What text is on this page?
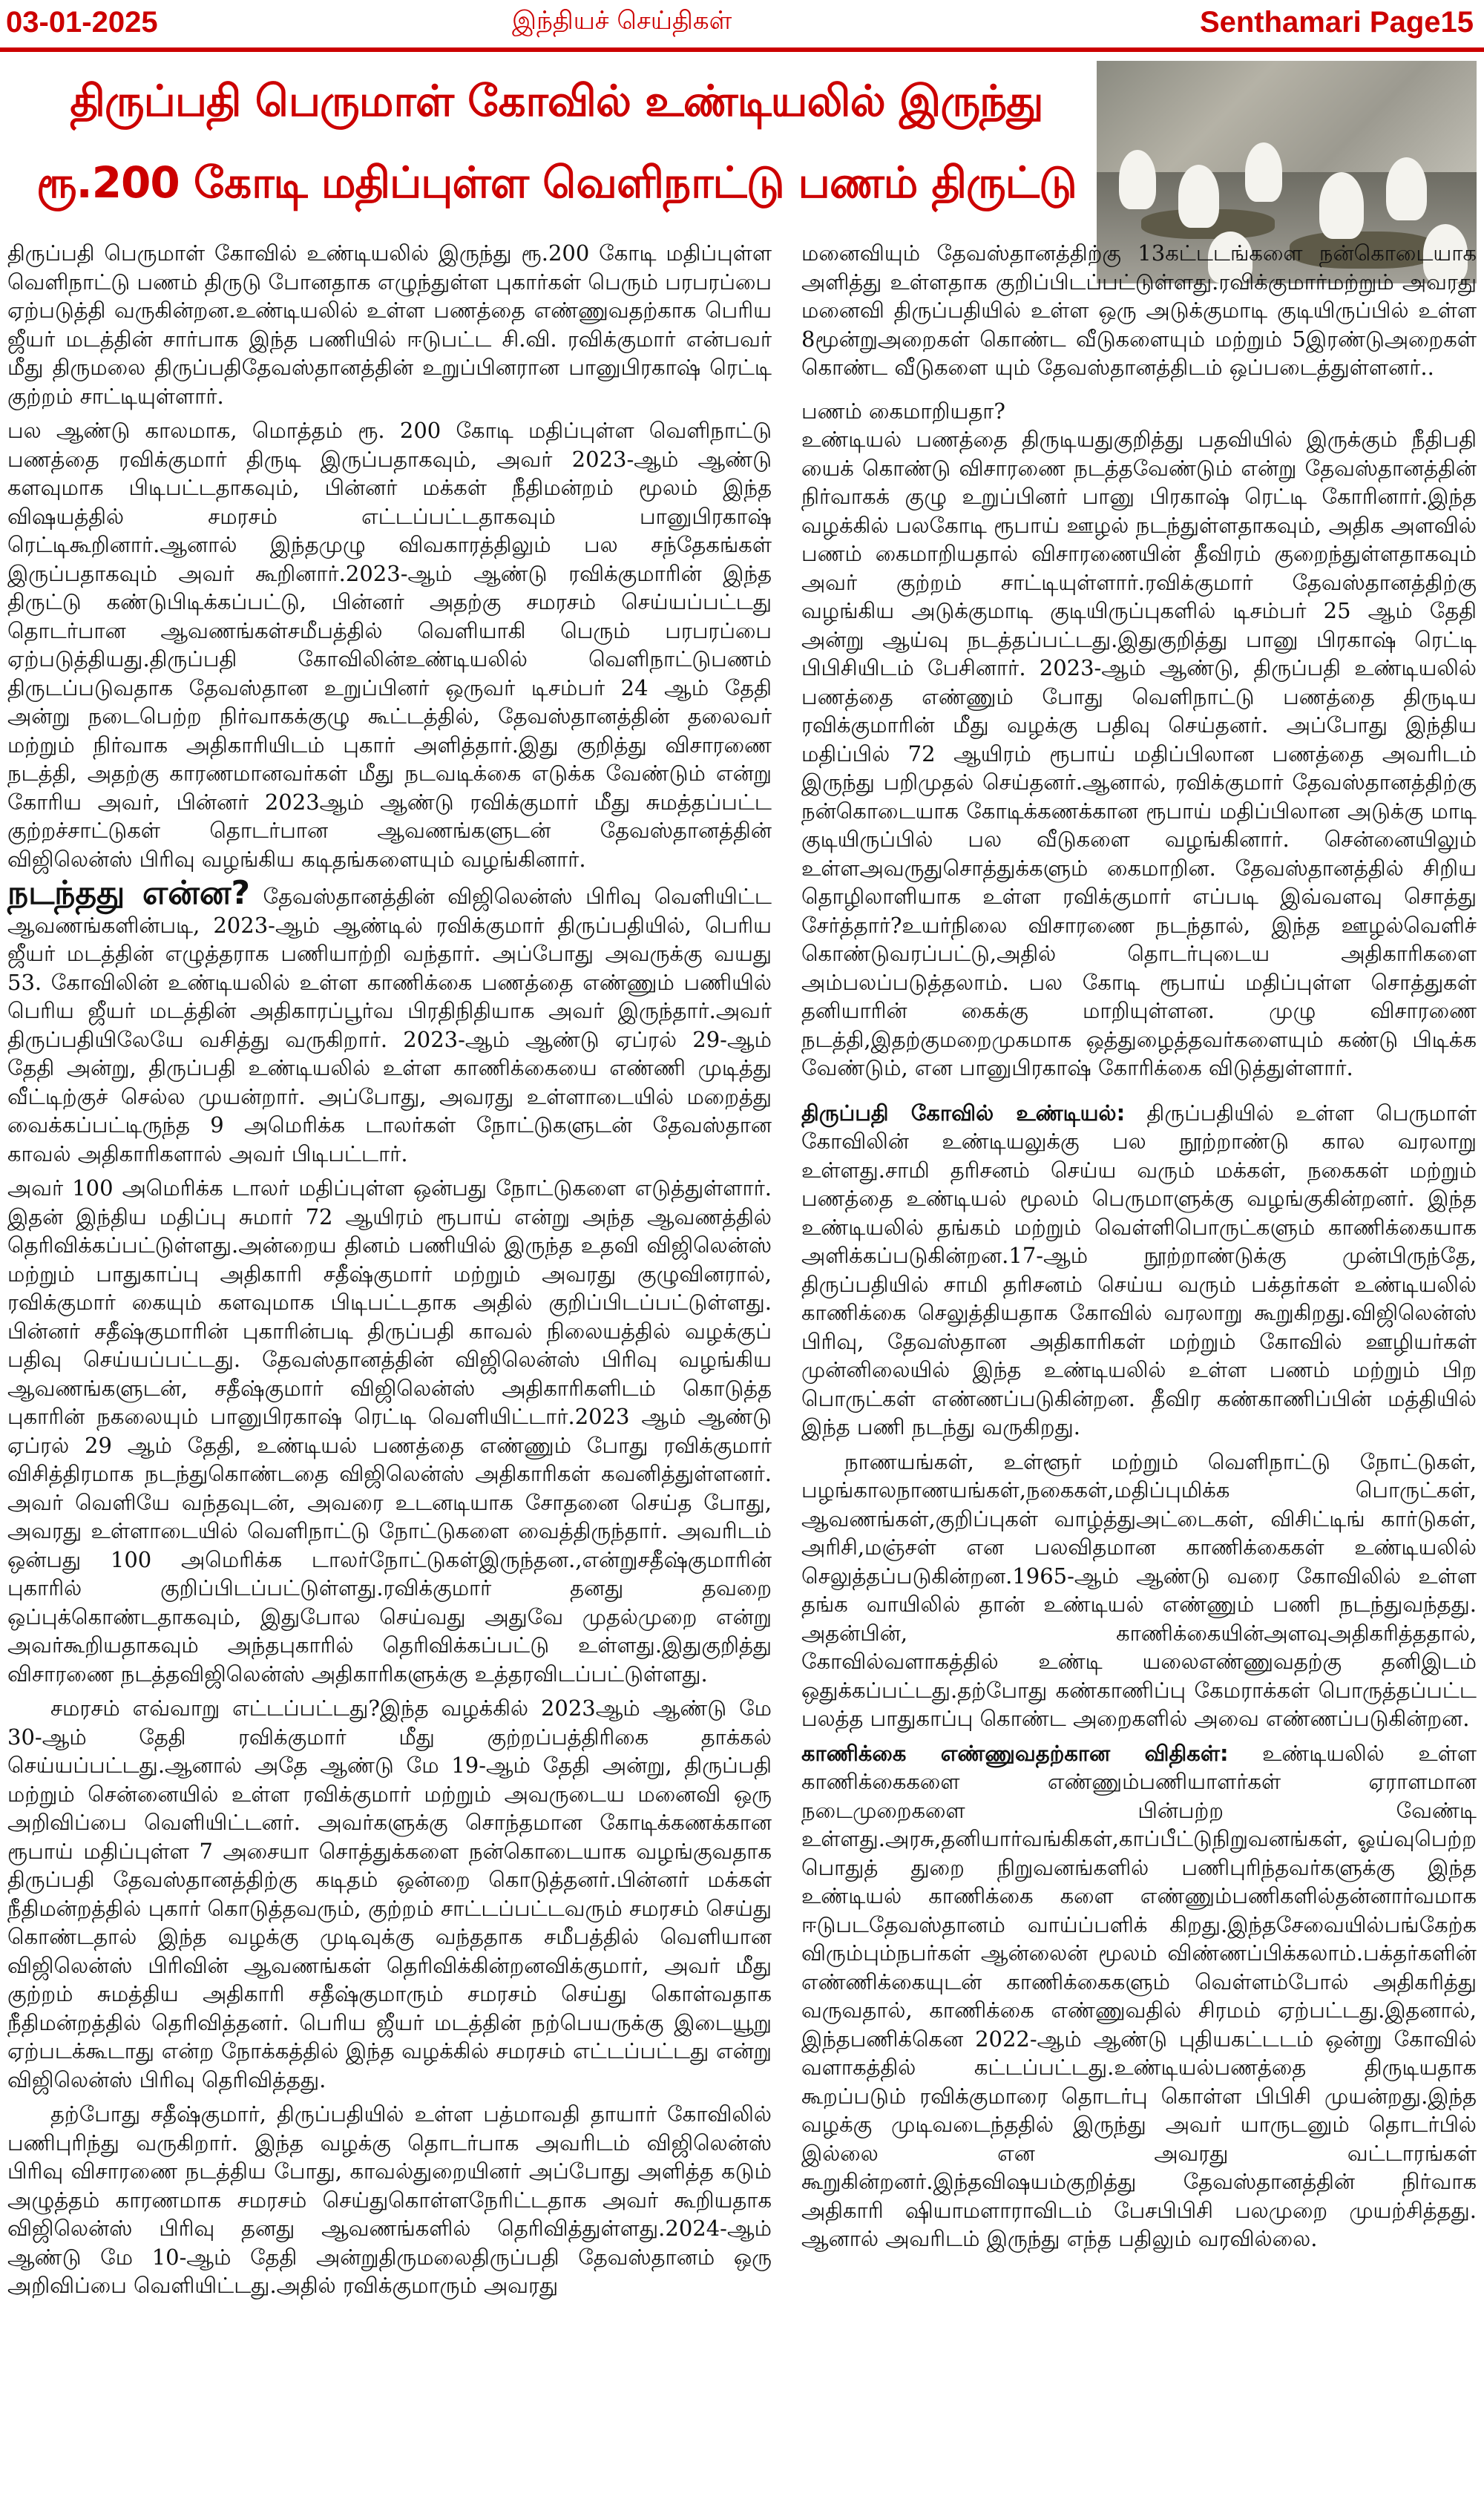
03-01-2025	இந்தியச் செய்திகள்	Senthamari Page15
திருப்பதி பெருமாள் கோவில் உண்டியலில் இருந்து
ரூ.200 கோடி மதிப்புள்ள வெளிநாட்டு பணம் திருட்டு

திருப்பதி பெருமாள் கோவில் உண்டியலில் இருந்து ரூ.200 கோடி மதிப்புள்ள வெளிநாட்டு பணம் திருடு போனதாக எழுந்துள்ள புகார்கள் பெரும் பரபரப்பை ஏற்படுத்தி வருகின்றன.உண்டியலில் உள்ள பணத்தை எண்ணுவதற்காக பெரிய ஜீயர் மடத்தின் சார்பாக இந்த பணியில் ஈடுபட்ட சி.வி. ரவிக்குமார் என்பவர் மீது திருமலை திருப்பதிதேவஸ்தானத்தின் உறுப்பினரான பானுபிரகாஷ் ரெட்டி குற்றம் சாட்டியுள்ளார்.

பல ஆண்டு காலமாக, மொத்தம் ரூ. 200 கோடி மதிப்புள்ள வெளிநாட்டு பணத்தை ரவிக்குமார் திருடி இருப்பதாகவும், அவர் 2023-ஆம் ஆண்டு களவுமாக பிடிபட்டதாகவும், பின்னர் மக்கள் நீதிமன்றம் மூலம் இந்த விஷயத்தில் சமரசம் எட்டப்பட்டதாகவும் பானுபிரகாஷ் ரெட்டிகூறினார்.ஆனால் இந்தமுழு விவகாரத்திலும் பல சந்தேகங்கள் இருப்பதாகவும் அவர் கூறினார்.2023-ஆம் ஆண்டு ரவிக்குமாரின் இந்த திருட்டு கண்டுபிடிக்கப்பட்டு, பின்னர் அதற்கு சமரசம் செய்யப்பட்டது தொடர்பான ஆவணங்கள்சமீபத்தில் வெளியாகி பெரும் பரபரப்பை ஏற்படுத்தியது.திருப்பதி கோவிலின்உண்டியலில் வெளிநாட்டுபணம் திருடப்படுவதாக தேவஸ்தான உறுப்பினர் ஒருவர் டிசம்பர் 24 ஆம் தேதி அன்று நடைபெற்ற நிர்வாகக்குழு கூட்டத்தில், தேவஸ்தானத்தின் தலைவர் மற்றும் நிர்வாக அதிகாரியிடம் புகார் அளித்தார்.இது குறித்து விசாரணை நடத்தி, அதற்கு காரணமானவர்கள் மீது நடவடிக்கை எடுக்க வேண்டும் என்று கோரிய அவர், பின்னர் 2023ஆம் ஆண்டு ரவிக்குமார் மீது சுமத்தப்பட்ட குற்றச்சாட்டுகள் தொடர்பான ஆவணங்களுடன் தேவஸ்தானத்தின் விஜிலென்ஸ் பிரிவு வழங்கிய கடிதங்களையும் வழங்கினார்.

நடந்தது என்ன? தேவஸ்தானத்தின் விஜிலென்ஸ் பிரிவு வெளியிட்ட ஆவணங்களின்படி, 2023-ஆம் ஆண்டில் ரவிக்குமார் திருப்பதியில், பெரிய ஜீயர் மடத்தின் எழுத்தராக பணியாற்றி வந்தார். அப்போது அவருக்கு வயது 53. கோவிலின் உண்டியலில் உள்ள காணிக்கை பணத்தை எண்ணும் பணியில் பெரிய ஜீயர் மடத்தின் அதிகாரப்பூர்வ பிரதிநிதியாக அவர் இருந்தார்.அவர் திருப்பதியிலேயே வசித்து வருகிறார். 2023-ஆம் ஆண்டு ஏப்ரல் 29-ஆம் தேதி அன்று, திருப்பதி உண்டியலில் உள்ள காணிக்கையை எண்ணி முடித்து வீட்டிற்குச் செல்ல முயன்றார். அப்போது, அவரது உள்ளாடையில் மறைத்து வைக்கப்பட்டிருந்த 9 அமெரிக்க டாலர்கள் நோட்டுகளுடன் தேவஸ்தான காவல் அதிகாரிகளால் அவர் பிடிபட்டார்.

அவர் 100 அமெரிக்க டாலர் மதிப்புள்ள ஒன்பது நோட்டுகளை எடுத்துள்ளார். இதன் இந்திய மதிப்பு சுமார் 72 ஆயிரம் ரூபாய் என்று அந்த ஆவணத்தில் தெரிவிக்கப்பட்டுள்ளது.அன்றைய தினம் பணியில் இருந்த உதவி விஜிலென்ஸ் மற்றும் பாதுகாப்பு அதிகாரி சதீஷ்குமார் மற்றும் அவரது குழுவினரால், ரவிக்குமார் கையும் களவுமாக பிடிபட்டதாக அதில் குறிப்பிடப்பட்டுள்ளது. பின்னர் சதீஷ்குமாரின் புகாரின்படி திருப்பதி காவல் நிலையத்தில் வழக்குப் பதிவு செய்யப்பட்டது. தேவஸ்தானத்தின் விஜிலென்ஸ் பிரிவு வழங்கிய ஆவணங்களுடன், சதீஷ்குமார் விஜிலென்ஸ் அதிகாரிகளிடம் கொடுத்த புகாரின் நகலையும் பானுபிரகாஷ் ரெட்டி வெளியிட்டார்.2023 ஆம் ஆண்டு ஏப்ரல் 29 ஆம் தேதி, உண்டியல் பணத்தை எண்ணும் போது ரவிக்குமார் விசித்திரமாக நடந்துகொண்டதை விஜிலென்ஸ் அதிகாரிகள் கவனித்துள்ளனர். அவர் வெளியே வந்தவுடன், அவரை உடனடியாக சோதனை செய்த போது, அவரது உள்ளாடையில் வெளிநாட்டு நோட்டுகளை வைத்திருந்தார். அவரிடம் ஒன்பது 100 அமெரிக்க டாலர்நோட்டுகள்இருந்தன.,என்றுசதீஷ்குமாரின் புகாரில் குறிப்பிடப்பட்டுள்ளது.ரவிக்குமார் தனது தவறை ஒப்புக்கொண்டதாகவும், இதுபோல செய்வது அதுவே முதல்முறை என்று அவர்கூறியதாகவும் அந்தபுகாரில் தெரிவிக்கப்பட்டு உள்ளது.இதுகுறித்து விசாரணை நடத்தவிஜிலென்ஸ் அதிகாரிகளுக்கு உத்தரவிடப்பட்டுள்ளது.

சமரசம் எவ்வாறு எட்டப்பட்டது?இந்த வழக்கில் 2023ஆம் ஆண்டு மே 30-ஆம் தேதி ரவிக்குமார் மீது குற்றப்பத்திரிகை தாக்கல் செய்யப்பட்டது.ஆனால் அதே ஆண்டு மே 19-ஆம் தேதி அன்று, திருப்பதி மற்றும் சென்னையில் உள்ள ரவிக்குமார் மற்றும் அவருடைய மனைவி ஒரு அறிவிப்பை வெளியிட்டனர். அவர்களுக்கு சொந்தமான கோடிக்கணக்கான ரூபாய் மதிப்புள்ள 7 அசையா சொத்துக்களை நன்கொடையாக வழங்குவதாக திருப்பதி தேவஸ்தானத்திற்கு கடிதம் ஒன்றை கொடுத்தனர்.பின்னர் மக்கள் நீதிமன்றத்தில் புகார் கொடுத்தவரும், குற்றம் சாட்டப்பட்டவரும் சமரசம் செய்து கொண்டதால் இந்த வழக்கு முடிவுக்கு வந்ததாக சமீபத்தில் வெளியான விஜிலென்ஸ் பிரிவின் ஆவணங்கள் தெரிவிக்கின்றனவிக்குமார், அவர் மீது குற்றம் சுமத்திய அதிகாரி சதீஷ்குமாரும் சமரசம் செய்து கொள்வதாக நீதிமன்றத்தில் தெரிவித்தனர். பெரிய ஜீயர் மடத்தின் நற்பெயருக்கு இடையூறு ஏற்படக்கூடாது என்ற நோக்கத்தில் இந்த வழக்கில் சமரசம் எட்டப்பட்டது என்று விஜிலென்ஸ் பிரிவு தெரிவித்தது.

தற்போது சதீஷ்குமார், திருப்பதியில் உள்ள பத்மாவதி தாயார் கோவிலில் பணிபுரிந்து வருகிறார். இந்த வழக்கு தொடர்பாக அவரிடம் விஜிலென்ஸ் பிரிவு விசாரணை நடத்திய போது, காவல்துறையினர் அப்போது அளித்த கடும் அழுத்தம் காரணமாக சமரசம் செய்துகொள்ளநேரிட்டதாக அவர் கூறியதாக விஜிலென்ஸ் பிரிவு தனது ஆவணங்களில் தெரிவித்துள்ளது.2024-ஆம் ஆண்டு மே 10-ஆம் தேதி அன்றுதிருமலைதிருப்பதி தேவஸ்தானம் ஒரு அறிவிப்பை வெளியிட்டது.அதில் ரவிக்குமாரும் அவரது

மனைவியும் தேவஸ்தானத்திற்கு 13கட்டடங்களை நன்கொடையாக அளித்து உள்ளதாக குறிப்பிடப்பட்டுள்ளது.ரவிக்குமார்மற்றும் அவரது மனைவி திருப்பதியில் உள்ள ஒரு அடுக்குமாடி குடியிருப்பில் உள்ள 8மூன்றுஅறைகள் கொண்ட வீடுகளையும் மற்றும் 5இரண்டுஅறைகள் கொண்ட வீடுகளை யும் தேவஸ்தானத்திடம் ஒப்படைத்துள்ளனர்..

பணம் கைமாறியதா?

உண்டியல் பணத்தை திருடியதுகுறித்து பதவியில் இருக்கும் நீதிபதி யைக் கொண்டு விசாரணை நடத்தவேண்டும் என்று தேவஸ்தானத்தின் நிர்வாகக் குழு உறுப்பினர் பானு பிரகாஷ் ரெட்டி கோரினார்.இந்த வழக்கில் பலகோடி ரூபாய் ஊழல் நடந்துள்ளதாகவும், அதிக அளவில் பணம் கைமாறியதால் விசாரணையின் தீவிரம் குறைந்துள்ளதாகவும் அவர் குற்றம் சாட்டியுள்ளார்.ரவிக்குமார் தேவஸ்தானத்திற்கு வழங்கிய அடுக்குமாடி குடியிருப்புகளில் டிசம்பர் 25 ஆம் தேதி அன்று ஆய்வு நடத்தப்பட்டது.இதுகுறித்து பானு பிரகாஷ் ரெட்டி பிபிசியிடம் பேசினார். 2023-ஆம் ஆண்டு, திருப்பதி உண்டியலில் பணத்தை எண்ணும் போது வெளிநாட்டு பணத்தை திருடிய ரவிக்குமாரின் மீது வழக்கு பதிவு செய்தனர். அப்போது இந்திய மதிப்பில் 72 ஆயிரம் ரூபாய் மதிப்பிலான பணத்தை அவரிடம் இருந்து பறிமுதல் செய்தனர்.ஆனால், ரவிக்குமார் தேவஸ்தானத்திற்கு நன்கொடையாக கோடிக்கணக்கான ரூபாய் மதிப்பிலான அடுக்கு மாடி குடியிருப்பில் பல வீடுகளை வழங்கினார். சென்னையிலும் உள்ளஅவருதுசொத்துக்களும் கைமாறின. தேவஸ்தானத்தில் சிறிய தொழிலாளியாக உள்ள ரவிக்குமார் எப்படி இவ்வளவு சொத்து சேர்த்தார்?உயர்நிலை விசாரணை நடந்தால், இந்த ஊழல்வெளிச் கொண்டுவரப்பட்டு,அதில் தொடர்புடைய அதிகாரிகளை அம்பலப்படுத்தலாம். பல கோடி ரூபாய் மதிப்புள்ள சொத்துகள் தனியாரின் கைக்கு மாறியுள்ளன. முழு விசாரணை நடத்தி,இதற்குமறைமுகமாக ஒத்துழைத்தவர்களையும் கண்டு பிடிக்க வேண்டும், என பானுபிரகாஷ் கோரிக்கை விடுத்துள்ளார்.

திருப்பதி கோவில் உண்டியல்: திருப்பதியில் உள்ள பெருமாள் கோவிலின் உண்டியலுக்கு பல நூற்றாண்டு கால வரலாறு உள்ளது.சாமி தரிசனம் செய்ய வரும் மக்கள், நகைகள் மற்றும் பணத்தை உண்டியல் மூலம் பெருமாளுக்கு வழங்குகின்றனர். இந்த உண்டியலில் தங்கம் மற்றும் வெள்ளிபொருட்களும் காணிக்கையாக அளிக்கப்படுகின்றன.17-ஆம் நூற்றாண்டுக்கு முன்பிருந்தே, திருப்பதியில் சாமி தரிசனம் செய்ய வரும் பக்தர்கள் உண்டியலில் காணிக்கை செலுத்தியதாக கோவில் வரலாறு கூறுகிறது.விஜிலென்ஸ் பிரிவு, தேவஸ்தான அதிகாரிகள் மற்றும் கோவில் ஊழியர்கள் முன்னிலையில் இந்த உண்டியலில் உள்ள பணம் மற்றும் பிற பொருட்கள் எண்ணப்படுகின்றன. தீவிர கண்காணிப்பின் மத்தியில் இந்த பணி நடந்து வருகிறது.

நாணயங்கள், உள்ளூர் மற்றும் வெளிநாட்டு நோட்டுகள், பழங்காலநாணயங்கள்,நகைகள்,மதிப்புமிக்க பொருட்கள், ஆவணங்கள்,குறிப்புகள் வாழ்த்துஅட்டைகள், விசிட்டிங் கார்டுகள், அரிசி,மஞ்சள் என பலவிதமான காணிக்கைகள் உண்டியலில் செலுத்தப்படுகின்றன.1965-ஆம் ஆண்டு வரை கோவிலில் உள்ள தங்க வாயிலில் தான் உண்டியல் எண்ணும் பணி நடந்துவந்தது. அதன்பின், காணிக்கையின்அளவுஅதிகரித்ததால், கோவில்வளாகத்தில் உண்டி யலைஎண்ணுவதற்கு தனிஇடம் ஒதுக்கப்பட்டது.தற்போது கண்காணிப்பு கேமராக்கள் பொருத்தப்பட்ட பலத்த பாதுகாப்பு கொண்ட அறைகளில் அவை எண்ணப்படுகின்றன.

காணிக்கை எண்ணுவதற்கான விதிகள்: உண்டியலில் உள்ள காணிக்கைகளை எண்ணும்பணியாளர்கள் ஏராளமான நடைமுறைகளை பின்பற்ற வேண்டி உள்ளது.அரசு,தனியார்வங்கிகள்,காப்பீட்டுநிறுவனங்கள், ஓய்வுபெற்ற பொதுத் துறை நிறுவனங்களில் பணிபுரிந்தவர்களுக்கு இந்த உண்டியல் காணிக்கை களை எண்ணும்பணிகளில்தன்னார்வமாக ஈடுபடதேவஸ்தானம் வாய்ப்பளிக் கிறது.இந்தசேவையில்பங்கேற்க விரும்பும்நபர்கள் ஆன்லைன் மூலம் விண்ணப்பிக்கலாம்.பக்தர்களின் எண்ணிக்கையுடன் காணிக்கைகளும் வெள்ளம்போல் அதிகரித்து வருவதால், காணிக்கை எண்ணுவதில் சிரமம் ஏற்பட்டது.இதனால், இந்தபணிக்கென 2022-ஆம் ஆண்டு புதியகட்டடம் ஒன்று கோவில் வளாகத்தில் கட்டப்பட்டது.உண்டியல்பணத்தை திருடியதாக கூறப்படும் ரவிக்குமாரை தொடர்பு கொள்ள பிபிசி முயன்றது.இந்த வழக்கு முடிவடைந்ததில் இருந்து அவர் யாருடனும் தொடர்பில் இல்லை என அவரது வட்டாரங்கள் கூறுகின்றனர்.இந்தவிஷயம்குறித்து தேவஸ்தானத்தின் நிர்வாக அதிகாரி ஷியாமளாராவிடம் பேசபிபிசி பலமுறை முயற்சித்தது. ஆனால் அவரிடம் இருந்து எந்த பதிலும் வரவில்லை.
